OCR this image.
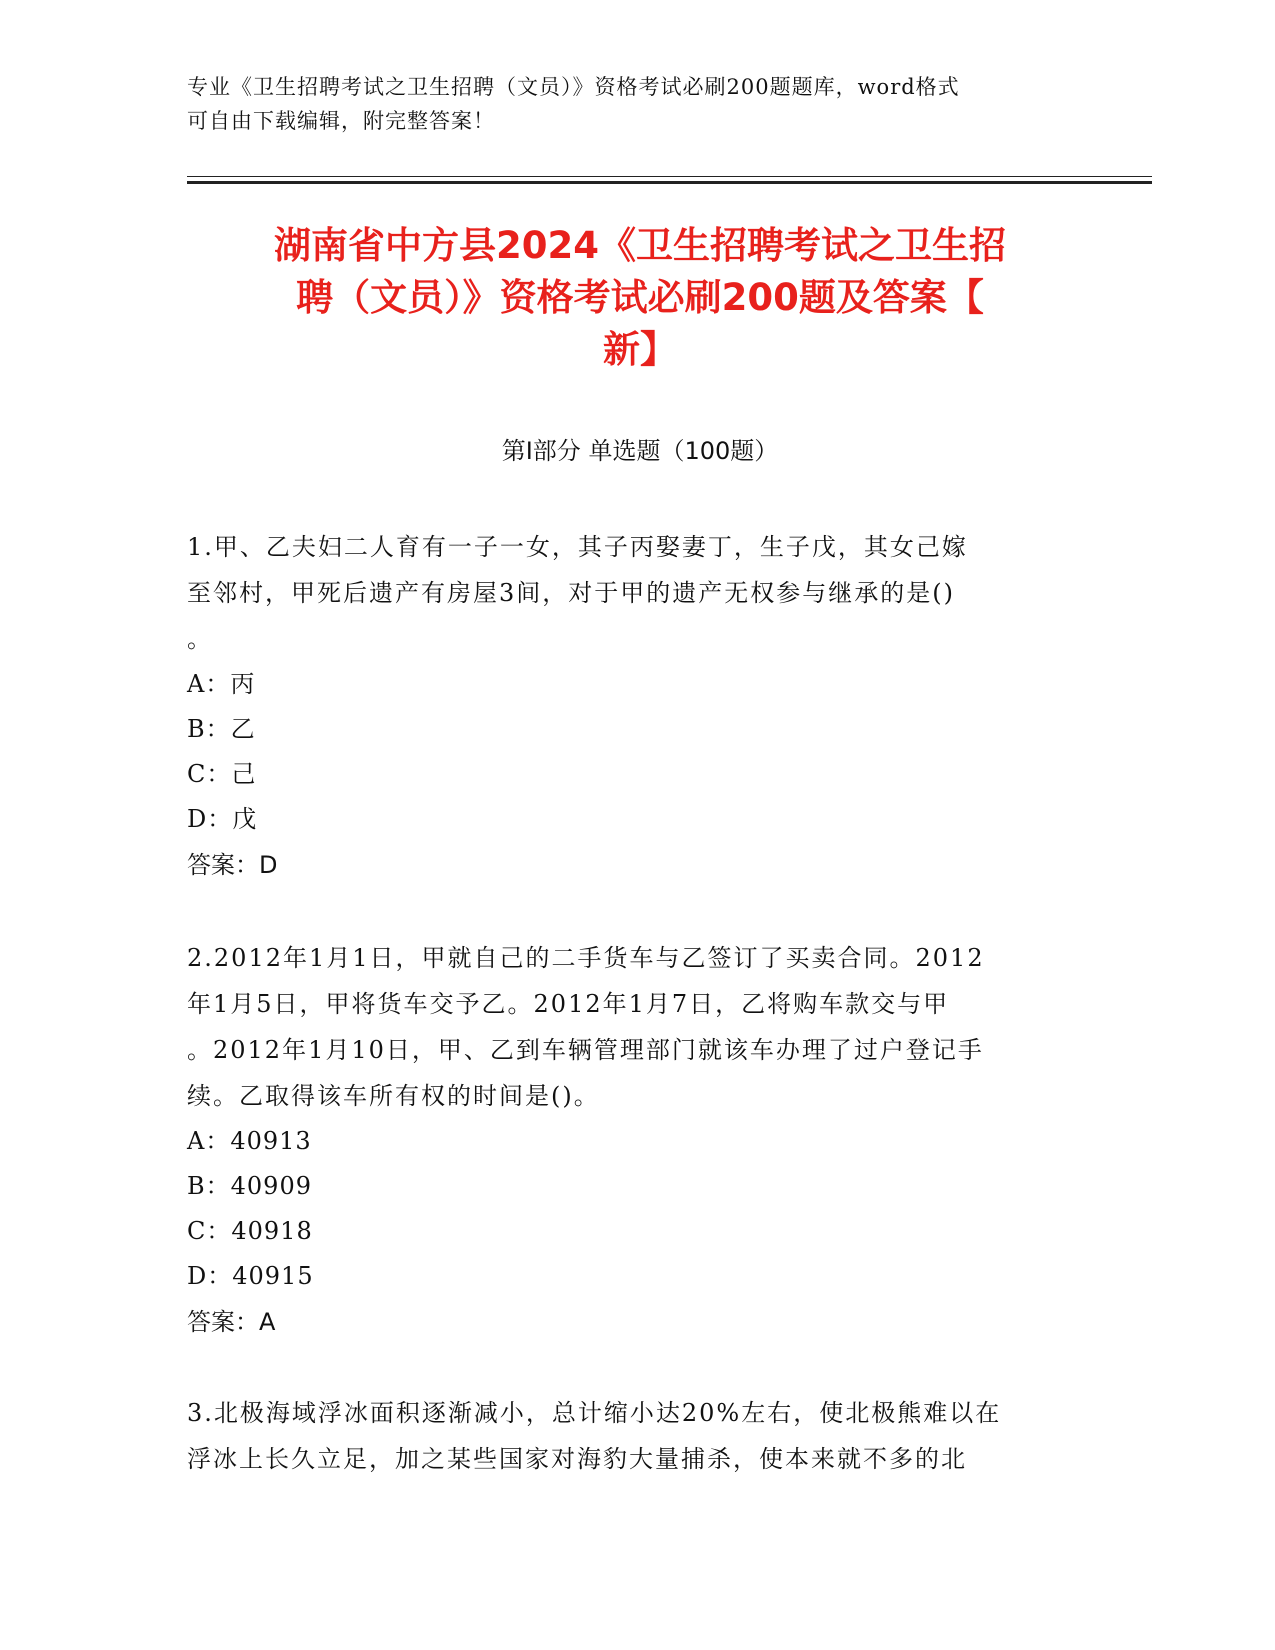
专业《卫生招聘考试之卫生招聘（文员）》资格考试必刷200题题库，word格式
可自由下载编辑，附完整答案！
湖南省中方县2024《卫生招聘考试之卫生招
聘（文员）》资格考试必刷200题及答案【
新】
第Ⅰ部分 单选题（100题）
1.甲、乙夫妇二人育有一子一女，其子丙娶妻丁，生子戊，其女己嫁
至邻村，甲死后遗产有房屋3间，对于甲的遗产无权参与继承的是()
。
A：丙
B：乙
C：己
D：戊
答案：D
2.2012年1月1日，甲就自己的二手货车与乙签订了买卖合同。2012
年1月5日，甲将货车交予乙。2012年1月7日，乙将购车款交与甲
。2012年1月10日，甲、乙到车辆管理部门就该车办理了过户登记手
续。乙取得该车所有权的时间是()。
A：40913
B：40909
C：40918
D：40915
答案：A
3.北极海域浮冰面积逐渐减小，总计缩小达20%左右，使北极熊难以在
浮冰上长久立足，加之某些国家对海豹大量捕杀，使本来就不多的北
